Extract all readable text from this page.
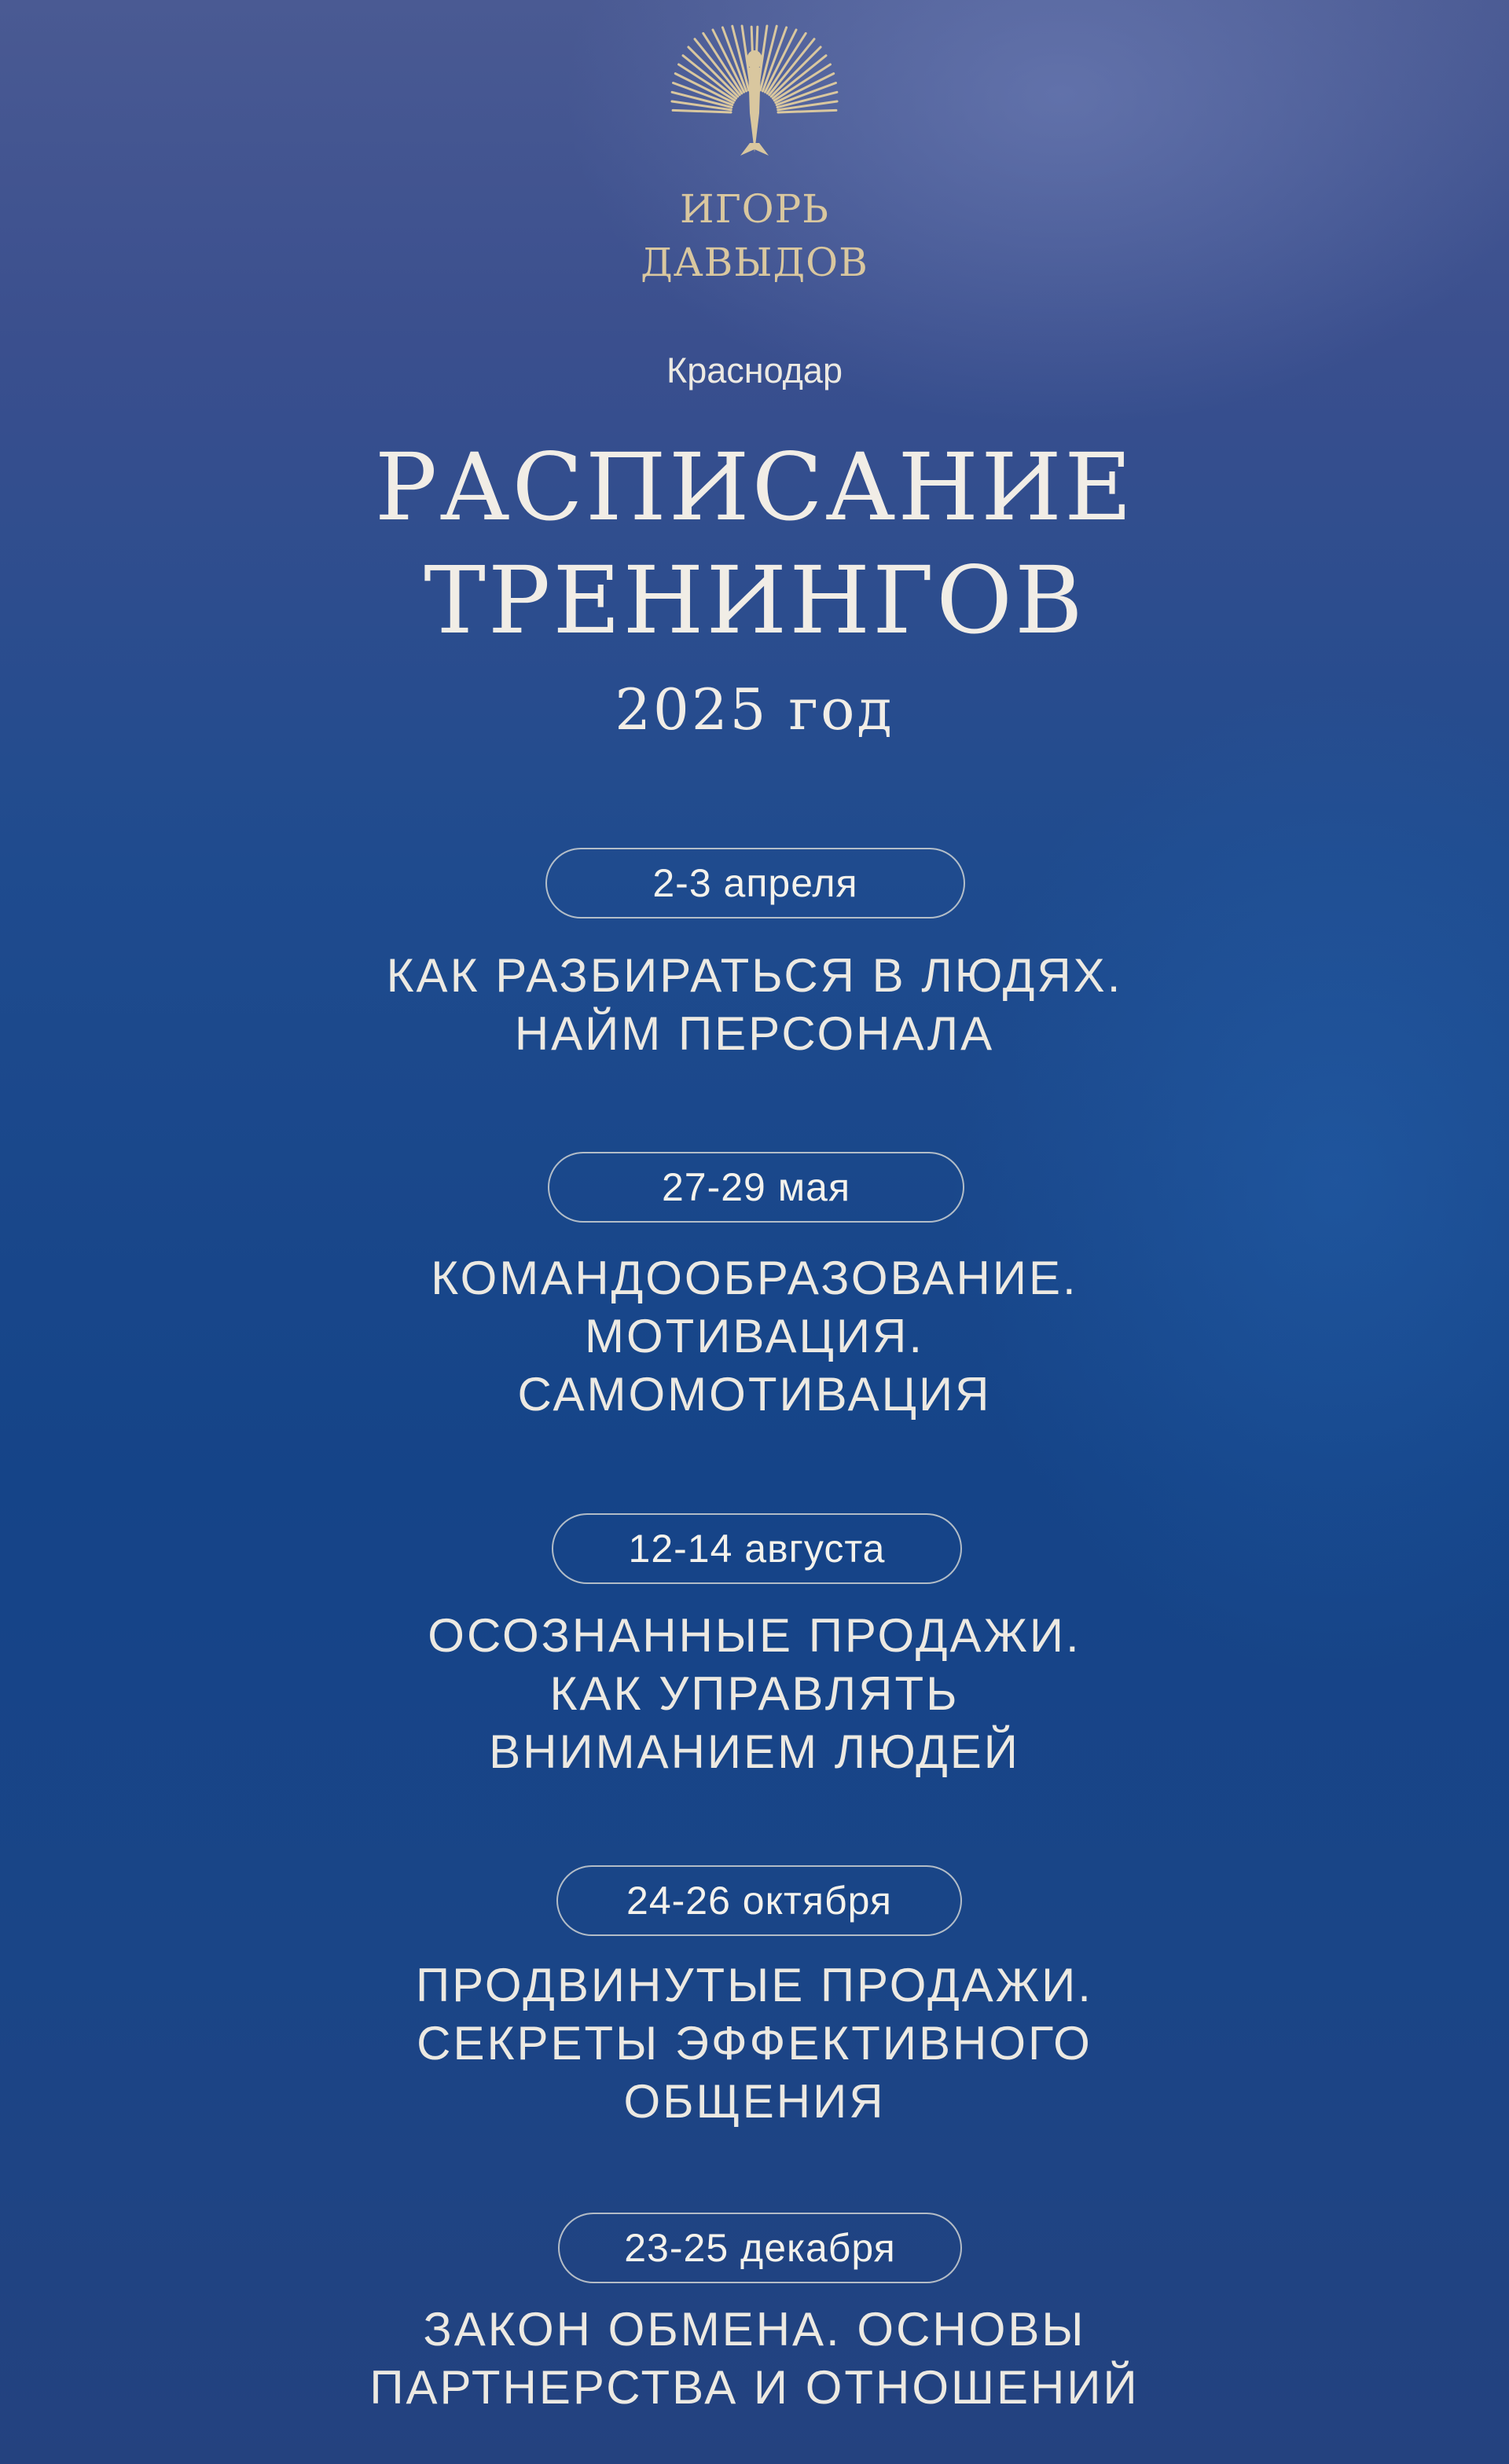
ИГОРЬ
ДАВЫДОВ
Краснодар
РАСПИСАНИЕ
ТРЕНИНГОВ
2025 год
2-3 апреля
КАК РАЗБИРАТЬСЯ В ЛЮДЯХ.
НАЙМ ПЕРСОНАЛА
27-29 мая
КОМАНДООБРАЗОВАНИЕ.
МОТИВАЦИЯ.
САМОМОТИВАЦИЯ
12-14 августа
ОСОЗНАННЫЕ ПРОДАЖИ.
КАК УПРАВЛЯТЬ
ВНИМАНИЕМ ЛЮДЕЙ
24-26 октября
ПРОДВИНУТЫЕ ПРОДАЖИ.
СЕКРЕТЫ ЭФФЕКТИВНОГО
ОБЩЕНИЯ
23-25 декабря
ЗАКОН ОБМЕНА. ОСНОВЫ
ПАРТНЕРСТВА И ОТНОШЕНИЙ
